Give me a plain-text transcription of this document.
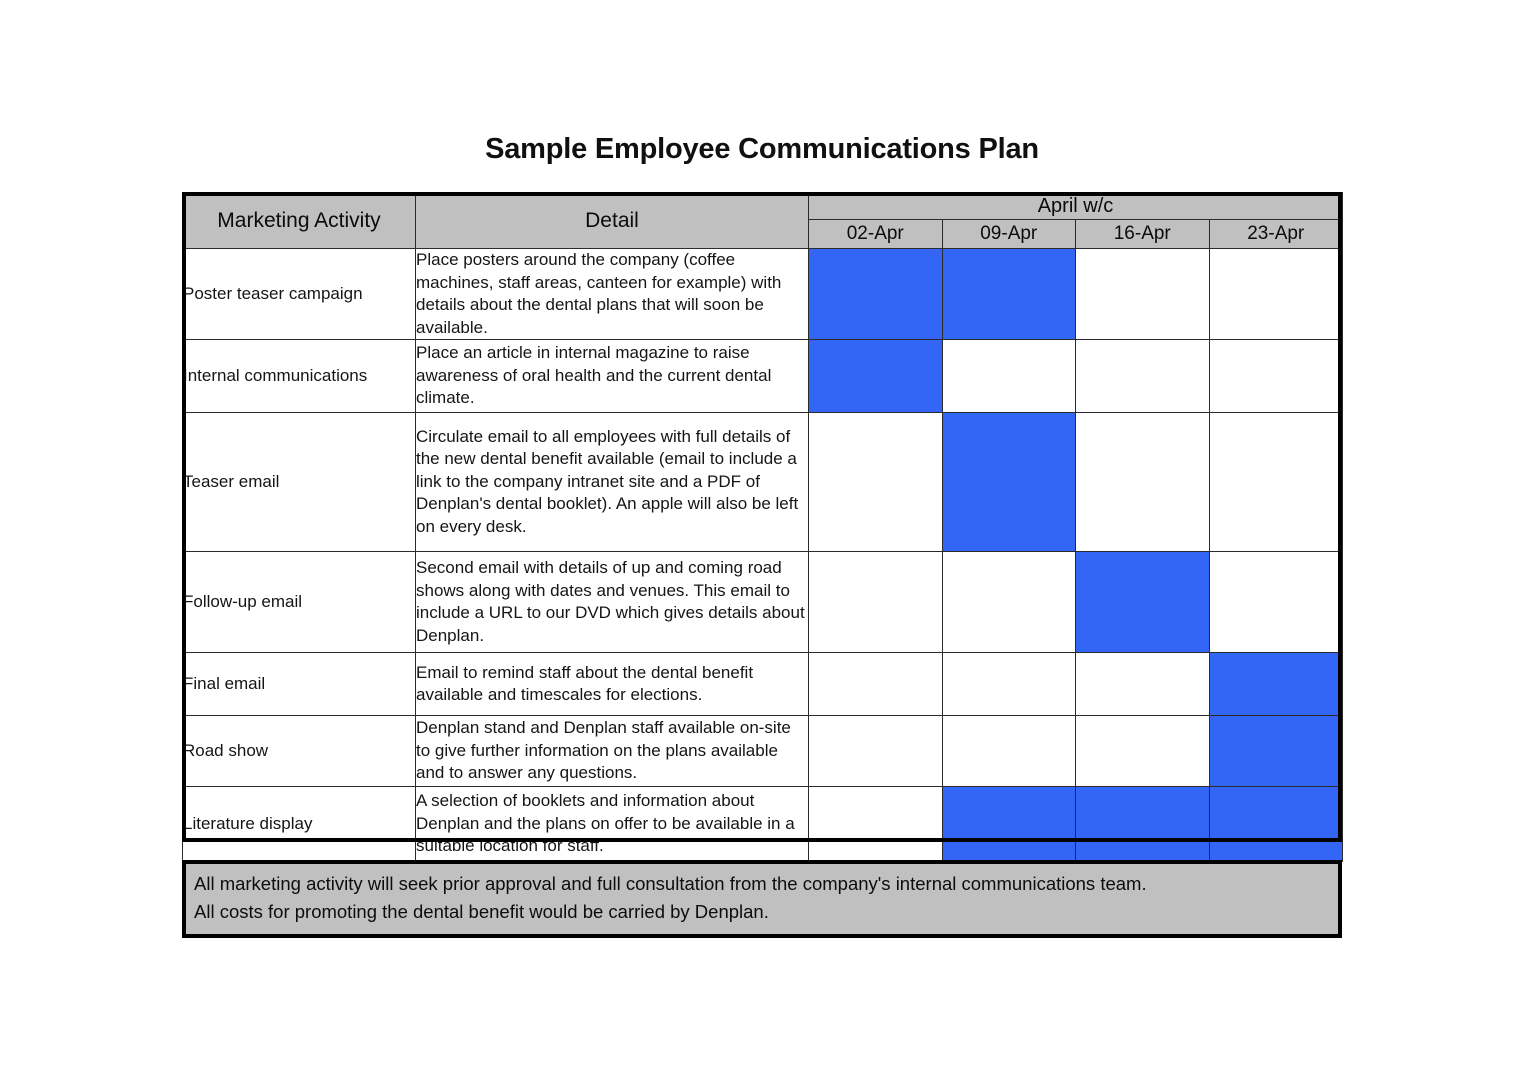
Sample Employee Communications Plan
Marketing Activity	Detail	April w/c			
		02-Apr	09-Apr	16-Apr	23-Apr
Poster teaser campaign	Place posters around the company (coffee machines, staff areas, canteen for example) with details about the dental plans that will soon be available.				
Internal communications	Place an article in internal magazine to raise awareness of oral health and the current dental climate.				
Teaser email	Circulate email to all employees with full details of the new dental benefit available (email to include a link to the company intranet site and a PDF of Denplan's dental booklet). An apple will also be left on every desk.				
Follow-up email	Second email with details of up and coming road shows along with dates and venues. This email to include a URL to our DVD which gives details about Denplan.				
Final email	Email to remind staff about the dental benefit available and timescales for elections.				
Road show	Denplan stand and Denplan staff available on-site to give further information on the plans available and to answer any questions.				
Literature display	A selection of booklets and information about Denplan and the plans on offer to be available in a suitable location for staff.				
All marketing activity will seek prior approval and full consultation from the company's internal communications team.
All costs for promoting the dental benefit would be carried by Denplan.
